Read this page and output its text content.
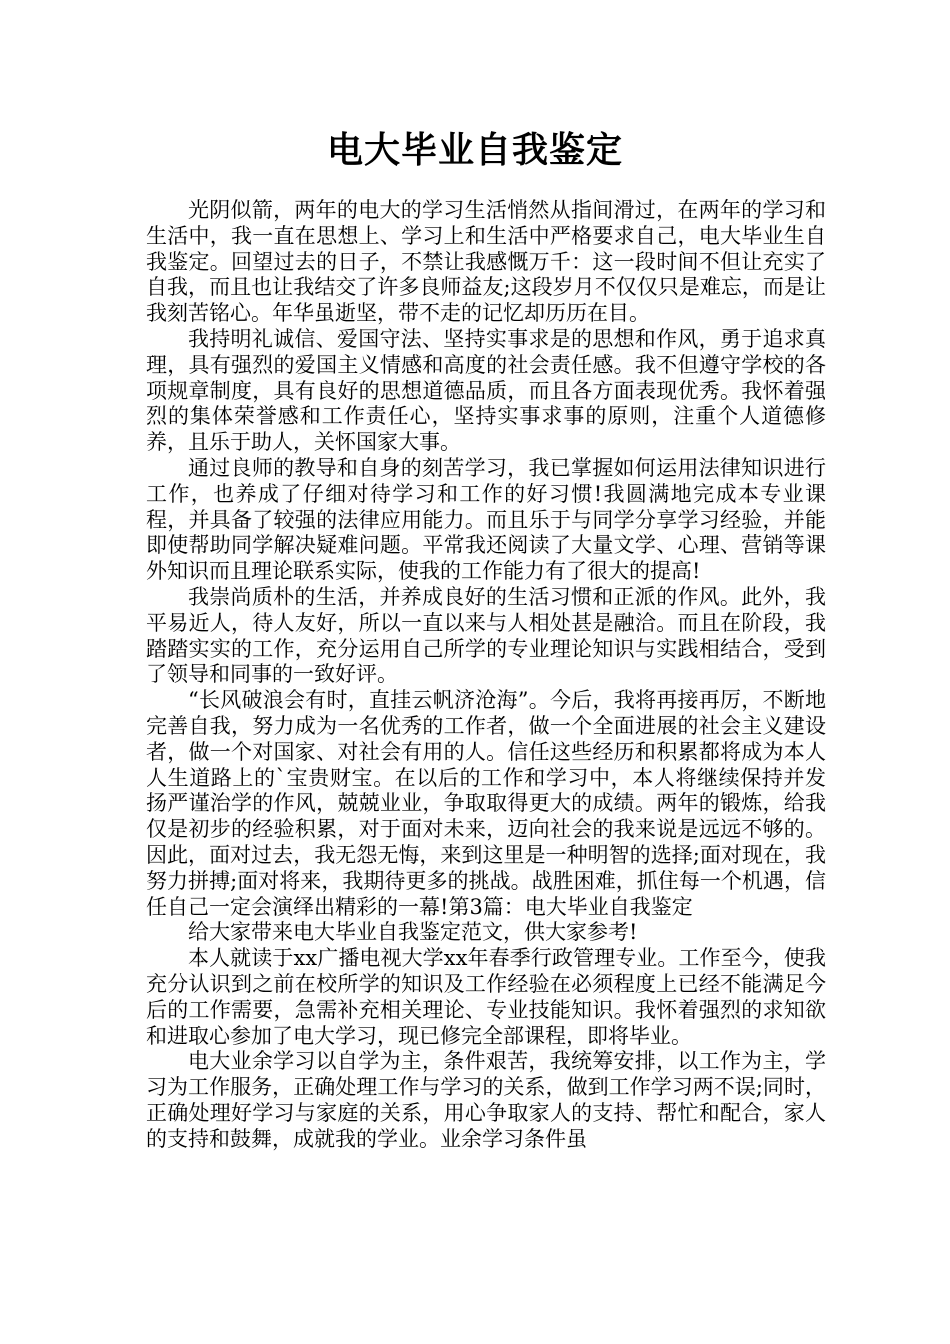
电大毕业自我鉴定

光阴似箭，两年的电大的学习生活悄然从指间滑过，在两年的学习和生活中，我一直在思想上、学习上和生活中严格要求自己，电大毕业生自我鉴定。回望过去的日子，不禁让我感慨万千：这一段时间不但让充实了自我，而且也让我结交了许多良师益友;这段岁月不仅仅只是难忘，而是让我刻苦铭心。年华虽逝坚，带不走的记忆却历历在目。

我持明礼诚信、爱国守法、坚持实事求是的思想和作风，勇于追求真理，具有强烈的爱国主义情感和高度的社会责任感。我不但遵守学校的各项规章制度，具有良好的思想道德品质，而且各方面表现优秀。我怀着强烈的集体荣誉感和工作责任心，坚持实事求事的原则，注重个人道德修养，且乐于助人，关怀国家大事。

通过良师的教导和自身的刻苦学习，我已掌握如何运用法律知识进行工作，也养成了仔细对待学习和工作的好习惯!我圆满地完成本专业课程，并具备了较强的法律应用能力。而且乐于与同学分享学习经验，并能即使帮助同学解决疑难问题。平常我还阅读了大量文学、心理、营销等课外知识而且理论联系实际，使我的工作能力有了很大的提高!

我崇尚质朴的生活，并养成良好的生活习惯和正派的作风。此外，我平易近人，待人友好，所以一直以来与人相处甚是融洽。而且在阶段，我踏踏实实的工作，充分运用自己所学的专业理论知识与实践相结合，受到了领导和同事的一致好评。

“长风破浪会有时，直挂云帆济沧海”。今后，我将再接再厉，不断地完善自我，努力成为一名优秀的工作者，做一个全面进展的社会主义建设者，做一个对国家、对社会有用的人。信任这些经历和积累都将成为本人人生道路上的`宝贵财宝。在以后的工作和学习中，本人将继续保持并发扬严谨治学的作风，兢兢业业，争取取得更大的成绩。两年的锻炼，给我仅是初步的经验积累，对于面对未来，迈向社会的我来说是远远不够的。因此，面对过去，我无怨无悔，来到这里是一种明智的选择;面对现在，我努力拼搏;面对将来，我期待更多的挑战。战胜困难，抓住每一个机遇，信任自己一定会演绎出精彩的一幕!第3篇：电大毕业自我鉴定

给大家带来电大毕业自我鉴定范文，供大家参考!

本人就读于xx广播电视大学xx年春季行政管理专业。工作至今，使我充分认识到之前在校所学的知识及工作经验在必须程度上已经不能满足今后的工作需要，急需补充相关理论、专业技能知识。我怀着强烈的求知欲和进取心参加了电大学习，现已修完全部课程，即将毕业。

电大业余学习以自学为主，条件艰苦，我统筹安排，以工作为主，学习为工作服务，正确处理工作与学习的关系，做到工作学习两不误;同时，正确处理好学习与家庭的关系，用心争取家人的支持、帮忙和配合，家人的支持和鼓舞，成就我的学业。业余学习条件虽
